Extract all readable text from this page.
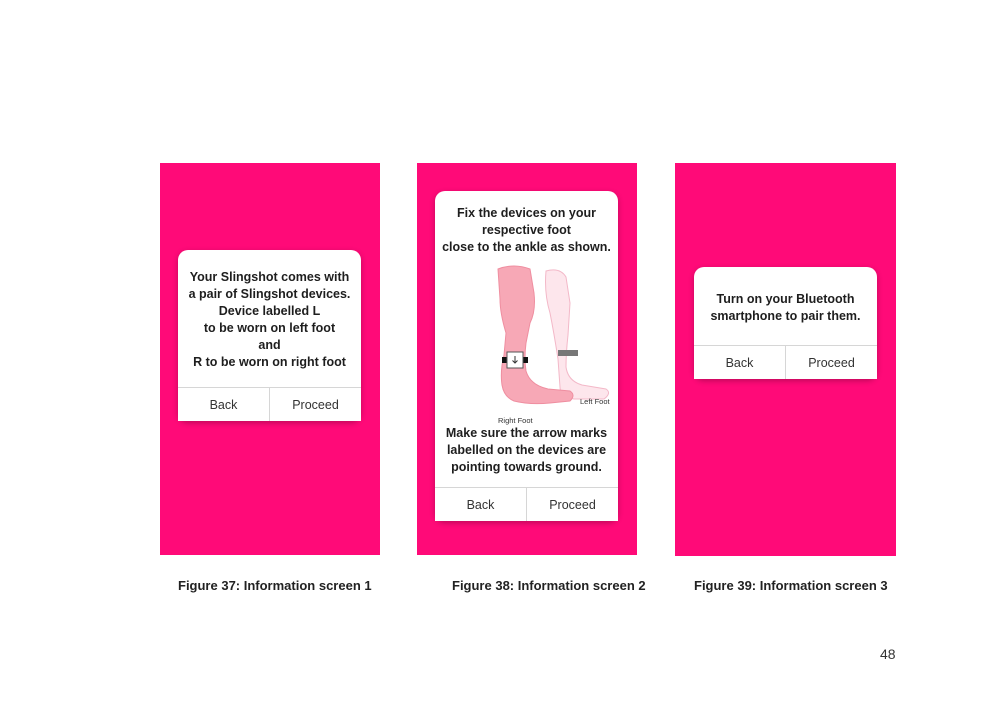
Your Slingshot comes with
a pair of Slingshot devices.
Device labelled L
to be worn on left foot
and
R to be worn on right foot
Back	Proceed
Fix the devices on your
respective foot
close to the ankle as shown.
Left Foot
Right Foot
Make sure the arrow marks
labelled on the devices are
pointing towards ground.
Back	Proceed
Turn on your Bluetooth
smartphone to pair them.
Back	Proceed
Figure 37: Information screen 1	Figure 38: Information screen 2	Figure 39: Information screen 3
48
